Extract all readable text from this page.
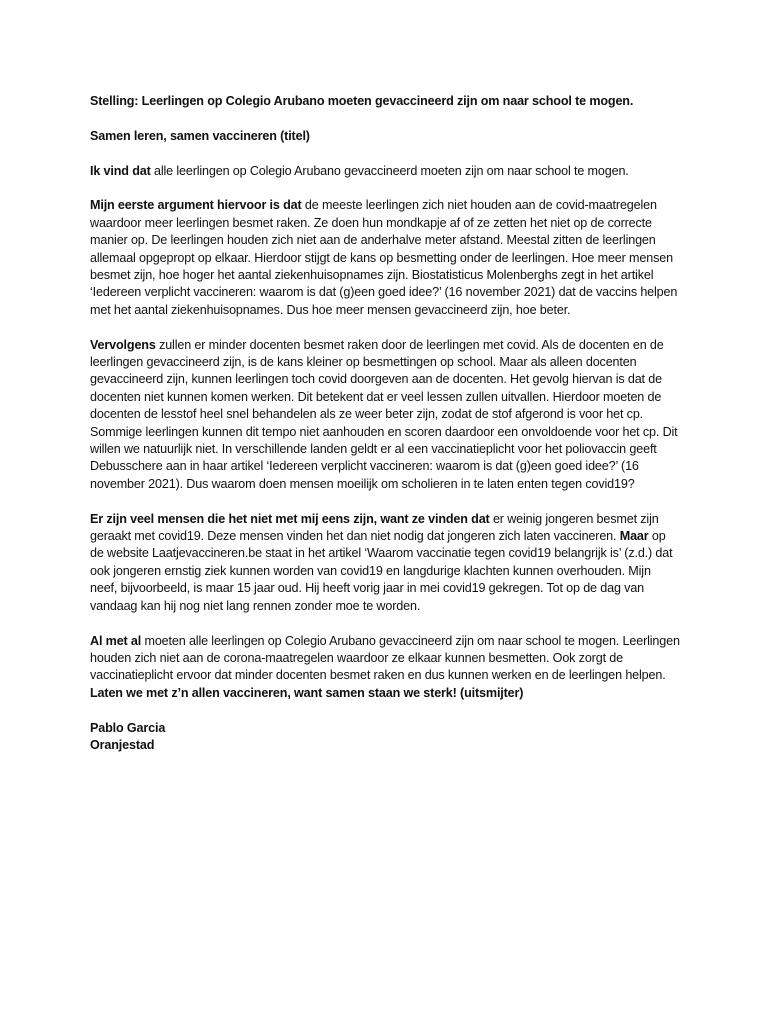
Stelling: Leerlingen op Colegio Arubano moeten gevaccineerd zijn om naar school te mogen.

Samen leren, samen vaccineren (titel)

Ik vind dat alle leerlingen op Colegio Arubano gevaccineerd moeten zijn om naar school te mogen.

Mijn eerste argument hiervoor is dat de meeste leerlingen zich niet houden aan de covid-maatregelen waardoor meer leerlingen besmet raken. Ze doen hun mondkapje af of ze zetten het niet op de correcte manier op. De leerlingen houden zich niet aan de anderhalve meter afstand. Meestal zitten de leerlingen allemaal opgepropt op elkaar. Hierdoor stijgt de kans op besmetting onder de leerlingen. Hoe meer mensen besmet zijn, hoe hoger het aantal ziekenhuisopnames zijn. Biostatisticus Molenberghs zegt in het artikel ‘Iedereen verplicht vaccineren: waarom is dat (g)een goed idee?’ (16 november 2021) dat de vaccins helpen met het aantal ziekenhuisopnames. Dus hoe meer mensen gevaccineerd zijn, hoe beter.

Vervolgens zullen er minder docenten besmet raken door de leerlingen met covid. Als de docenten en de leerlingen gevaccineerd zijn, is de kans kleiner op besmettingen op school. Maar als alleen docenten gevaccineerd zijn, kunnen leerlingen toch covid doorgeven aan de docenten. Het gevolg hiervan is dat de docenten niet kunnen komen werken. Dit betekent dat er veel lessen zullen uitvallen. Hierdoor moeten de docenten de lesstof heel snel behandelen als ze weer beter zijn, zodat de stof afgerond is voor het cp. Sommige leerlingen kunnen dit tempo niet aanhouden en scoren daardoor een onvoldoende voor het cp. Dit willen we natuurlijk niet. In verschillende landen geldt er al een vaccinatieplicht voor het poliovaccin geeft Debusschere aan in haar artikel ‘Iedereen verplicht vaccineren: waarom is dat (g)een goed idee?’ (16 november 2021). Dus waarom doen mensen moeilijk om scholieren in te laten enten tegen covid19?

Er zijn veel mensen die het niet met mij eens zijn, want ze vinden dat er weinig jongeren besmet zijn geraakt met covid19. Deze mensen vinden het dan niet nodig dat jongeren zich laten vaccineren. Maar op de website Laatjevaccineren.be staat in het artikel ‘Waarom vaccinatie tegen covid19 belangrijk is’ (z.d.) dat ook jongeren ernstig ziek kunnen worden van covid19 en langdurige klachten kunnen overhouden. Mijn neef, bijvoorbeeld, is maar 15 jaar oud. Hij heeft vorig jaar in mei covid19 gekregen. Tot op de dag van vandaag kan hij nog niet lang rennen zonder moe te worden.

Al met al moeten alle leerlingen op Colegio Arubano gevaccineerd zijn om naar school te mogen. Leerlingen houden zich niet aan de corona-maatregelen waardoor ze elkaar kunnen besmetten. Ook zorgt de vaccinatieplicht ervoor dat minder docenten besmet raken en dus kunnen werken en de leerlingen helpen. Laten we met z’n allen vaccineren, want samen staan we sterk! (uitsmijter)

Pablo Garcia

Oranjestad
